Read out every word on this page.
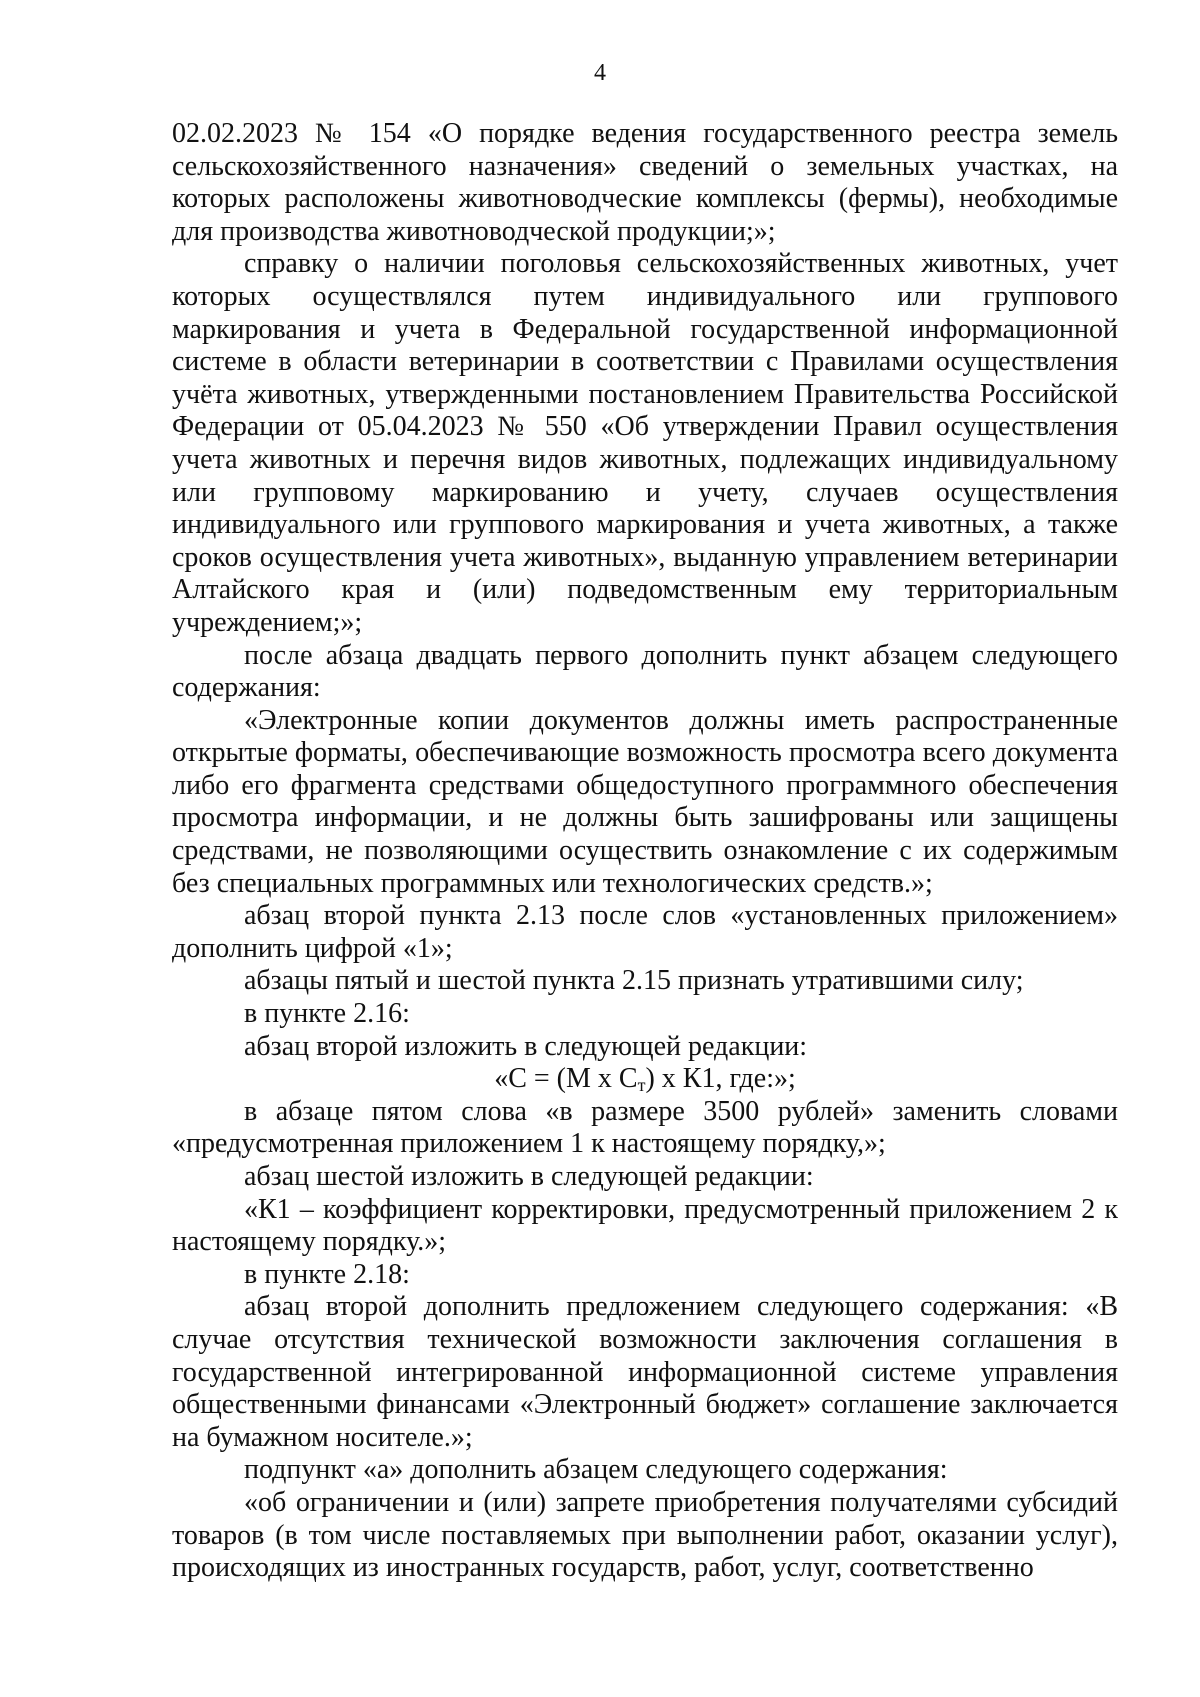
4

02.02.2023 № 154 «О порядке ведения государственного реестра земель сельскохозяйственного назначения» сведений о земельных участках, на которых расположены животноводческие комплексы (фермы), необходимые для производства животноводческой продукции;»;

справку о наличии поголовья сельскохозяйственных животных, учет которых осуществлялся путем индивидуального или группового маркирования и учета в Федеральной государственной информационной системе в области ветеринарии в соответствии с Правилами осуществления учёта животных, утвержденными постановлением Правительства Российской Федерации от 05.04.2023 № 550 «Об утверждении Правил осуществления учета животных и перечня видов животных, подлежащих индивидуальному или групповому маркированию и учету, случаев осуществления индивидуального или группового маркирования и учета животных, а также сроков осуществления учета животных», выданную управлением ветеринарии Алтайского края и (или) подведомственным ему территориальным учреждением;»;

после абзаца двадцать первого дополнить пункт абзацем следующего содержания:

«Электронные копии документов должны иметь распространенные открытые форматы, обеспечивающие возможность просмотра всего документа либо его фрагмента средствами общедоступного программного обеспечения просмотра информации, и не должны быть зашифрованы или защищены средствами, не позволяющими осуществить ознакомление с их содержимым без специальных программных или технологических средств.»;

абзац второй пункта 2.13 после слов «установленных приложением» дополнить цифрой «1»;

абзацы пятый и шестой пункта 2.15 признать утратившими силу;

в пункте 2.16:

абзац второй изложить в следующей редакции:

«С = (М х $С_т$) х К1, где:»;

в абзаце пятом слова «в размере 3500 рублей» заменить словами «предусмотренная приложением 1 к настоящему порядку,»;

абзац шестой изложить в следующей редакции:

«К1 – коэффициент корректировки, предусмотренный приложением 2 к настоящему порядку.»;

в пункте 2.18:

абзац второй дополнить предложением следующего содержания: «В случае отсутствия технической возможности заключения соглашения в государственной интегрированной информационной системе управления общественными финансами «Электронный бюджет» соглашение заключается на бумажном носителе.»;

подпункт «а» дополнить абзацем следующего содержания:

«об ограничении и (или) запрете приобретения получателями субсидий товаров (в том числе поставляемых при выполнении работ, оказании услуг), происходящих из иностранных государств, работ, услуг, соответственно
